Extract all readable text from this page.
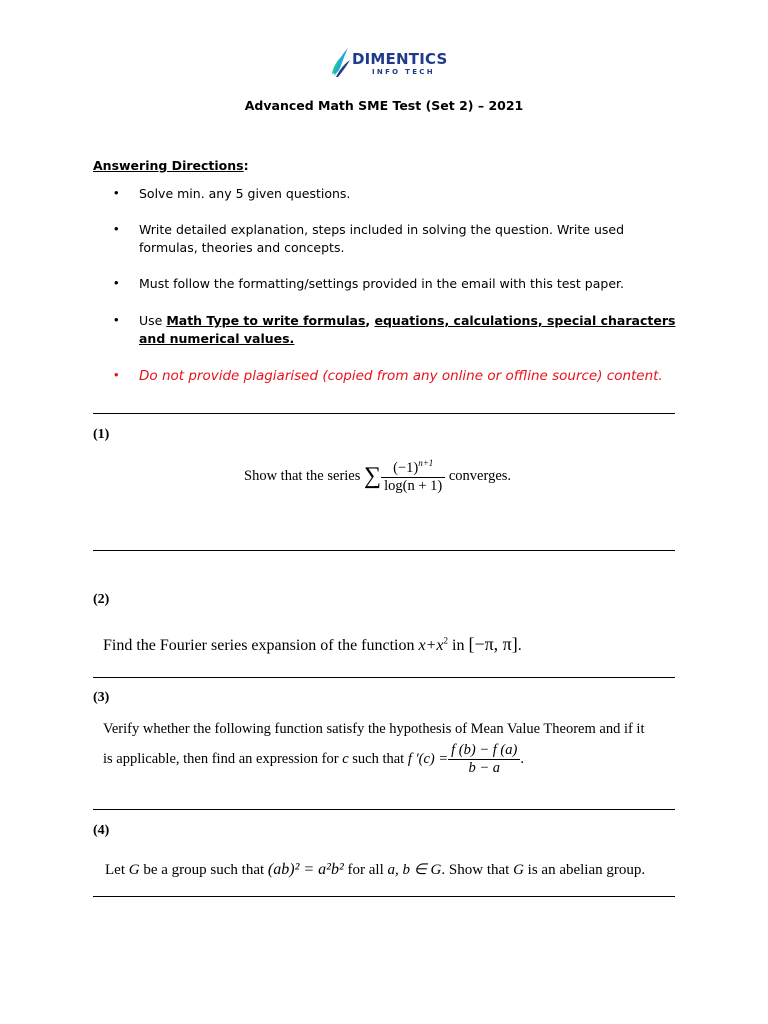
DIMENTICS
INFO TECH
Advanced Math SME Test (Set 2) – 2021
Answering Directions:
• Solve min. any 5 given questions.
• Write detailed explanation, steps included in solving the question. Write used formulas, theories and concepts.
• Must follow the formatting/settings provided in the email with this test paper.
• Use Math Type to write formulas, equations, calculations, special characters and numerical values.
• Do not provide plagiarised (copied from any online or offline source) content.
(1)
Show that the series ∑ $\frac{(-1)^{n+1}}{\log(n + 1)}$ converges.
(2)
Find the Fourier series expansion of the function $x+x^2$ in [−π, π].
(3)
Verify whether the following function satisfy the hypothesis of Mean Value Theorem and if it
is applicable, then find an expression for c such that f $'(c) = \frac{f (b) - f (a)}{b - a}$ .
(4)
Let G be a group such that (ab)² = a²b² for all a, b ∈ G. Show that G is an abelian group.
